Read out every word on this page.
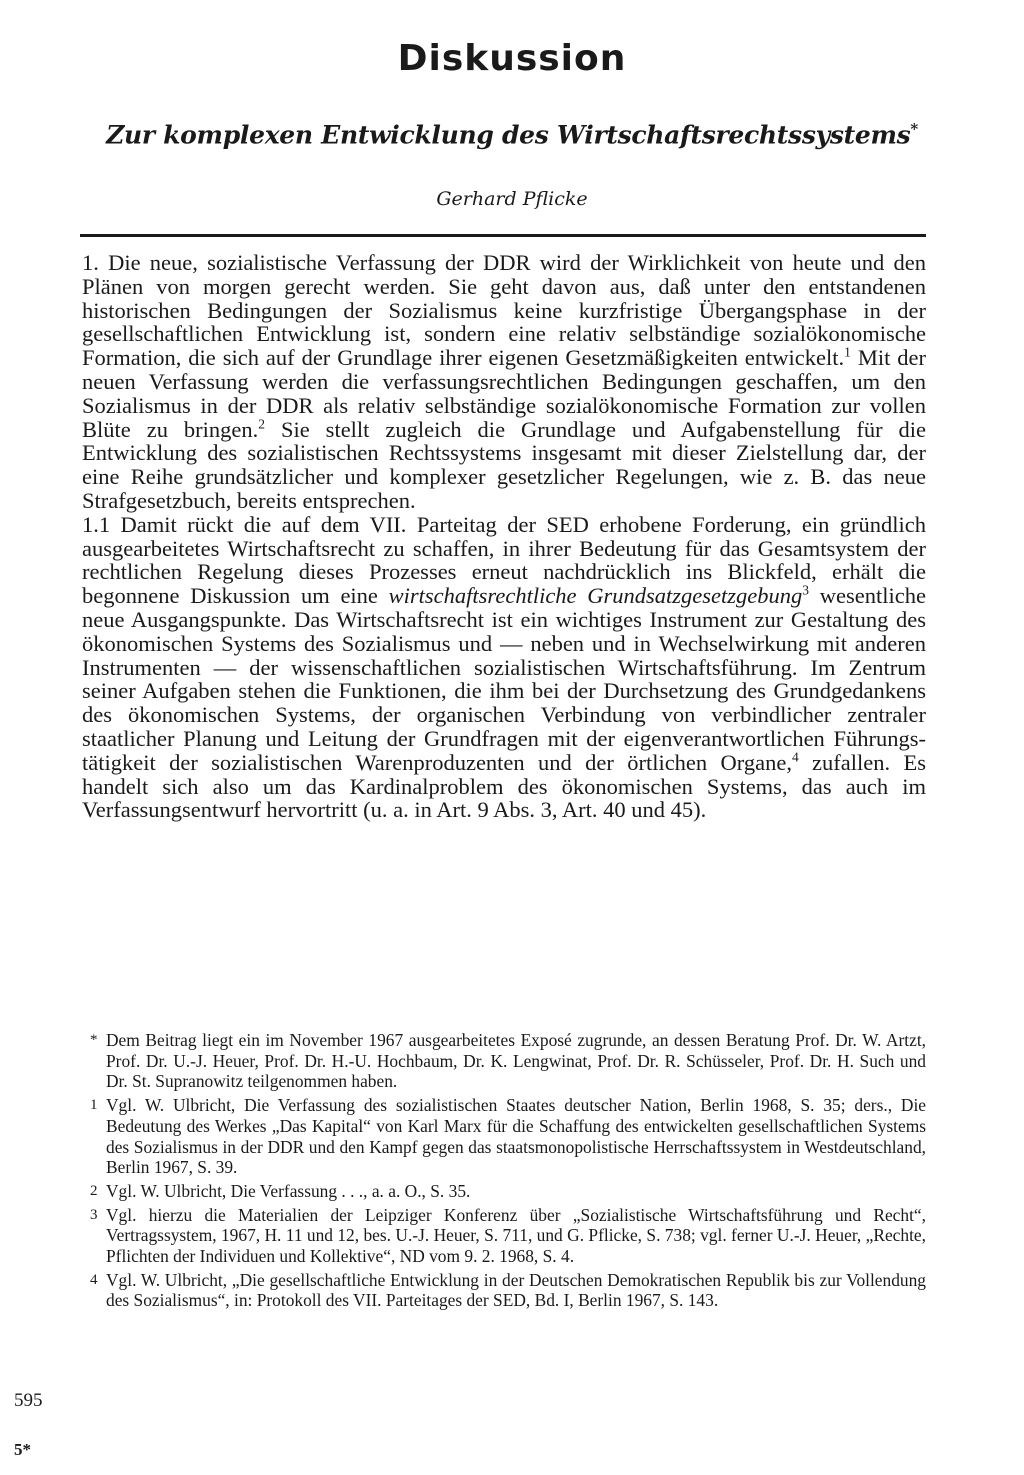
Diskussion
Zur komplexen Entwicklung des Wirtschaftsrechtssystems*
Gerhard Pflicke

1. Die neue, sozialistische Verfassung der DDR wird der Wirklichkeit von heute und den Plänen von morgen gerecht werden. Sie geht davon aus, daß unter den entstandenen historischen Bedingungen der Sozialismus keine kurzfristige Übergangsphase in der gesellschaftlichen Entwicklung ist, sondern eine relativ selbständige sozialökonomische Formation, die sich auf der Grundlage ihrer eigenen Gesetzmäßigkeiten entwickelt.$^1$ Mit der neuen Verfassung werden die verfassungsrechtlichen Bedingungen geschaffen, um den Sozialismus in der DDR als relativ selbständige sozialökonomische Formation zur vollen Blüte zu bringen.$^2$ Sie stellt zugleich die Grundlage und Aufgabenstellung für die Entwicklung des sozialistischen Rechtssystems insgesamt mit dieser Zielstellung dar, der eine Reihe grundsätzlicher und komplexer gesetzlicher Regelungen, wie z. B. das neue Strafgesetzbuch, bereits entsprechen.

1.1 Damit rückt die auf dem VII. Parteitag der SED erhobene Forderung, ein gründlich ausgearbeitetes Wirtschaftsrecht zu schaffen, in ihrer Bedeutung für das Gesamtsystem der rechtlichen Regelung dieses Prozesses erneut nachdrücklich ins Blickfeld, erhält die begonnene Diskussion um eine wirtschaftsrechtliche Grundsatzgesetzgebung$^3$ wesentliche neue Ausgangspunkte. Das Wirtschaftsrecht ist ein wichtiges Instrument zur Gestaltung des ökonomischen Systems des Sozialismus und — neben und in Wechselwirkung mit anderen Instrumenten — der wissenschaftlichen sozialistischen Wirtschaftsführung. Im Zentrum seiner Aufgaben stehen die Funktionen, die ihm bei der Durchsetzung des Grundgedankens des ökonomischen Systems, der organischen Verbindung von verbindlicher zentraler staatlicher Planung und Leitung der Grundfragen mit der eigenverantwortlichen Führungstätigkeit der sozialistischen Warenproduzenten und der örtlichen Organe,$^4$ zufallen. Es handelt sich also um das Kardinalproblem des ökonomischen Systems, das auch im Verfassungsentwurf hervortritt (u. a. in Art. 9 Abs. 3, Art. 40 und 45).

* Dem Beitrag liegt ein im November 1967 ausgearbeitetes Exposé zugrunde, an dessen Beratung Prof. Dr. W. Artzt, Prof. Dr. U.-J. Heuer, Prof. Dr. H.-U. Hochbaum, Dr. K. Lengwinat, Prof. Dr. R. Schüsseler, Prof. Dr. H. Such und Dr. St. Supranowitz teilgenommen haben.
1 Vgl. W. Ulbricht, Die Verfassung des sozialistischen Staates deutscher Nation, Berlin 1968, S. 35; ders., Die Bedeutung des Werkes „Das Kapital“ von Karl Marx für die Schaffung des entwickelten gesellschaftlichen Systems des Sozialismus in der DDR und den Kampf gegen das staatsmonopolistische Herrschaftssystem in Westdeutschland, Berlin 1967, S. 39.
2 Vgl. W. Ulbricht, Die Verfassung . . ., a. a. O., S. 35.
3 Vgl. hierzu die Materialien der Leipziger Konferenz über „Sozialistische Wirtschaftsführung und Recht“, Vertragssystem, 1967, H. 11 und 12, bes. U.-J. Heuer, S. 711, und G. Pflicke, S. 738; vgl. ferner U.-J. Heuer, „Rechte, Pflichten der Individuen und Kollektive“, ND vom 9. 2. 1968, S. 4.
4 Vgl. W. Ulbricht, „Die gesellschaftliche Entwicklung in der Deutschen Demokratischen Republik bis zur Vollendung des Sozialismus“, in: Protokoll des VII. Parteitages der SED, Bd. I, Berlin 1967, S. 143.
595
5*
